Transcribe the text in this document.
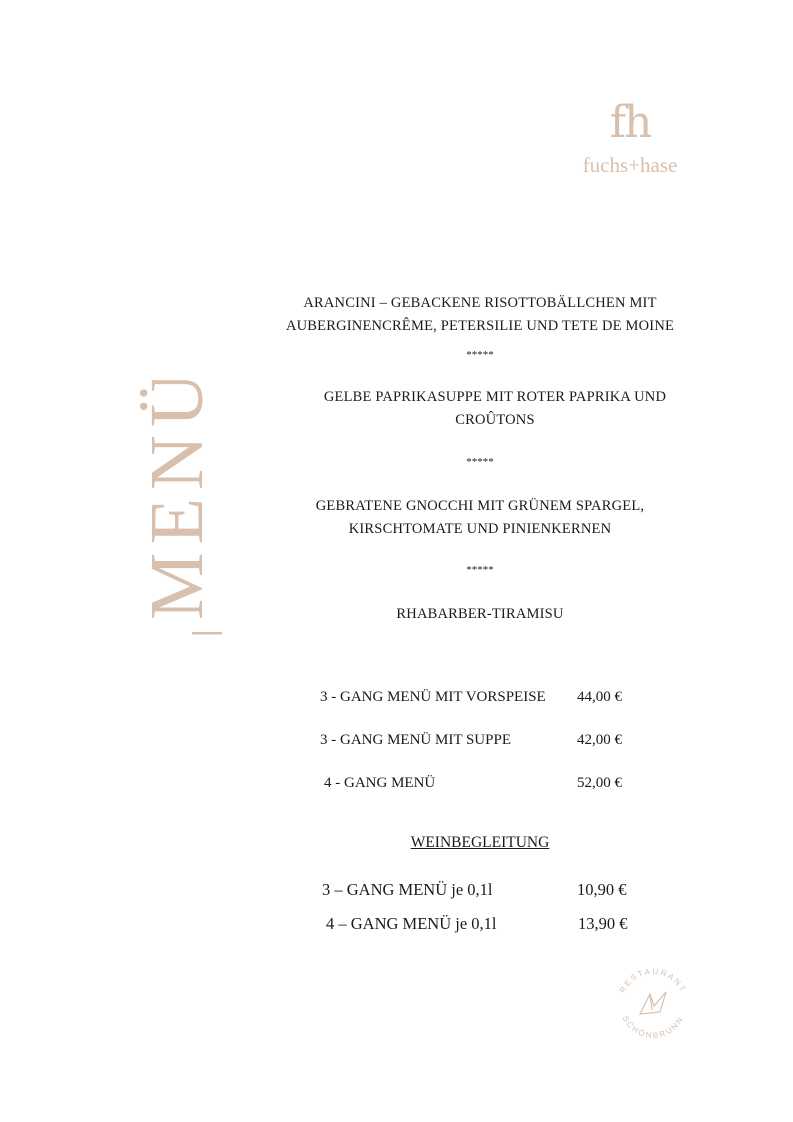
fh
fuchs+hase
MENÜ
ARANCINI – GEBACKENE RISOTTOBÄLLCHEN MIT
AUBERGINENCRÊME, PETERSILIE UND TETE DE MOINE
*****
GELBE PAPRIKASUPPE MIT ROTER PAPRIKA UND
CROÛTONS
*****
GEBRATENE GNOCCHI MIT GRÜNEM SPARGEL,
KIRSCHTOMATE UND PINIENKERNEN
*****
RHABARBER-TIRAMISU
3 - GANG MENÜ MIT VORSPEISE 44,00 €
3 - GANG MENÜ MIT SUPPE	42,00 €
4 - GANG MENÜ	52,00 €
WEINBEGLEITUNG
3 – GANG MENÜ je 0,1l	10,90 €
4 – GANG MENÜ je 0,1l	13,90 €
RESTAURANT
SCHÖNBRUNN
